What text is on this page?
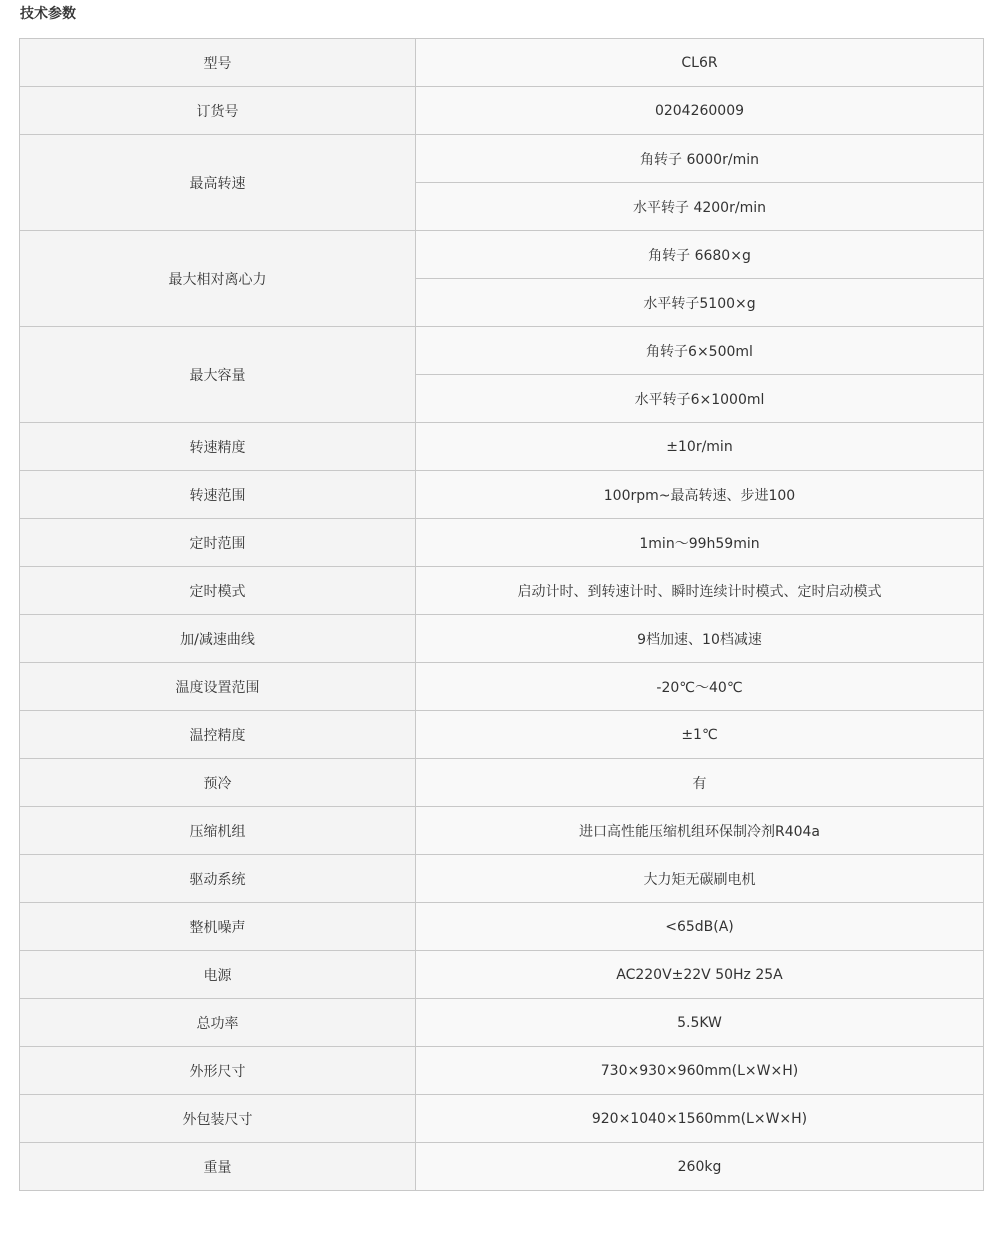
技术参数
型号	CL6R
订货号	0204260009
最高转速	角转子 6000r/min
	水平转子 4200r/min
最大相对离心力	角转子 6680×g
	水平转子5100×g
最大容量	角转子6×500ml
	水平转子6×1000ml
转速精度	±10r/min
转速范围	100rpm~最高转速、步进100
定时范围	1min～99h59min
定时模式	启动计时、到转速计时、瞬时连续计时模式、定时启动模式
加/减速曲线	9档加速、10档减速
温度设置范围	-20℃～40℃
温控精度	±1℃
预冷	有
压缩机组	进口高性能压缩机组环保制冷剂R404a
驱动系统	大力矩无碳刷电机
整机噪声	<65dB(A)
电源	AC220V±22V 50Hz 25A
总功率	5.5KW
外形尺寸	730×930×960mm(L×W×H)
外包装尺寸	920×1040×1560mm(L×W×H)
重量	260kg
